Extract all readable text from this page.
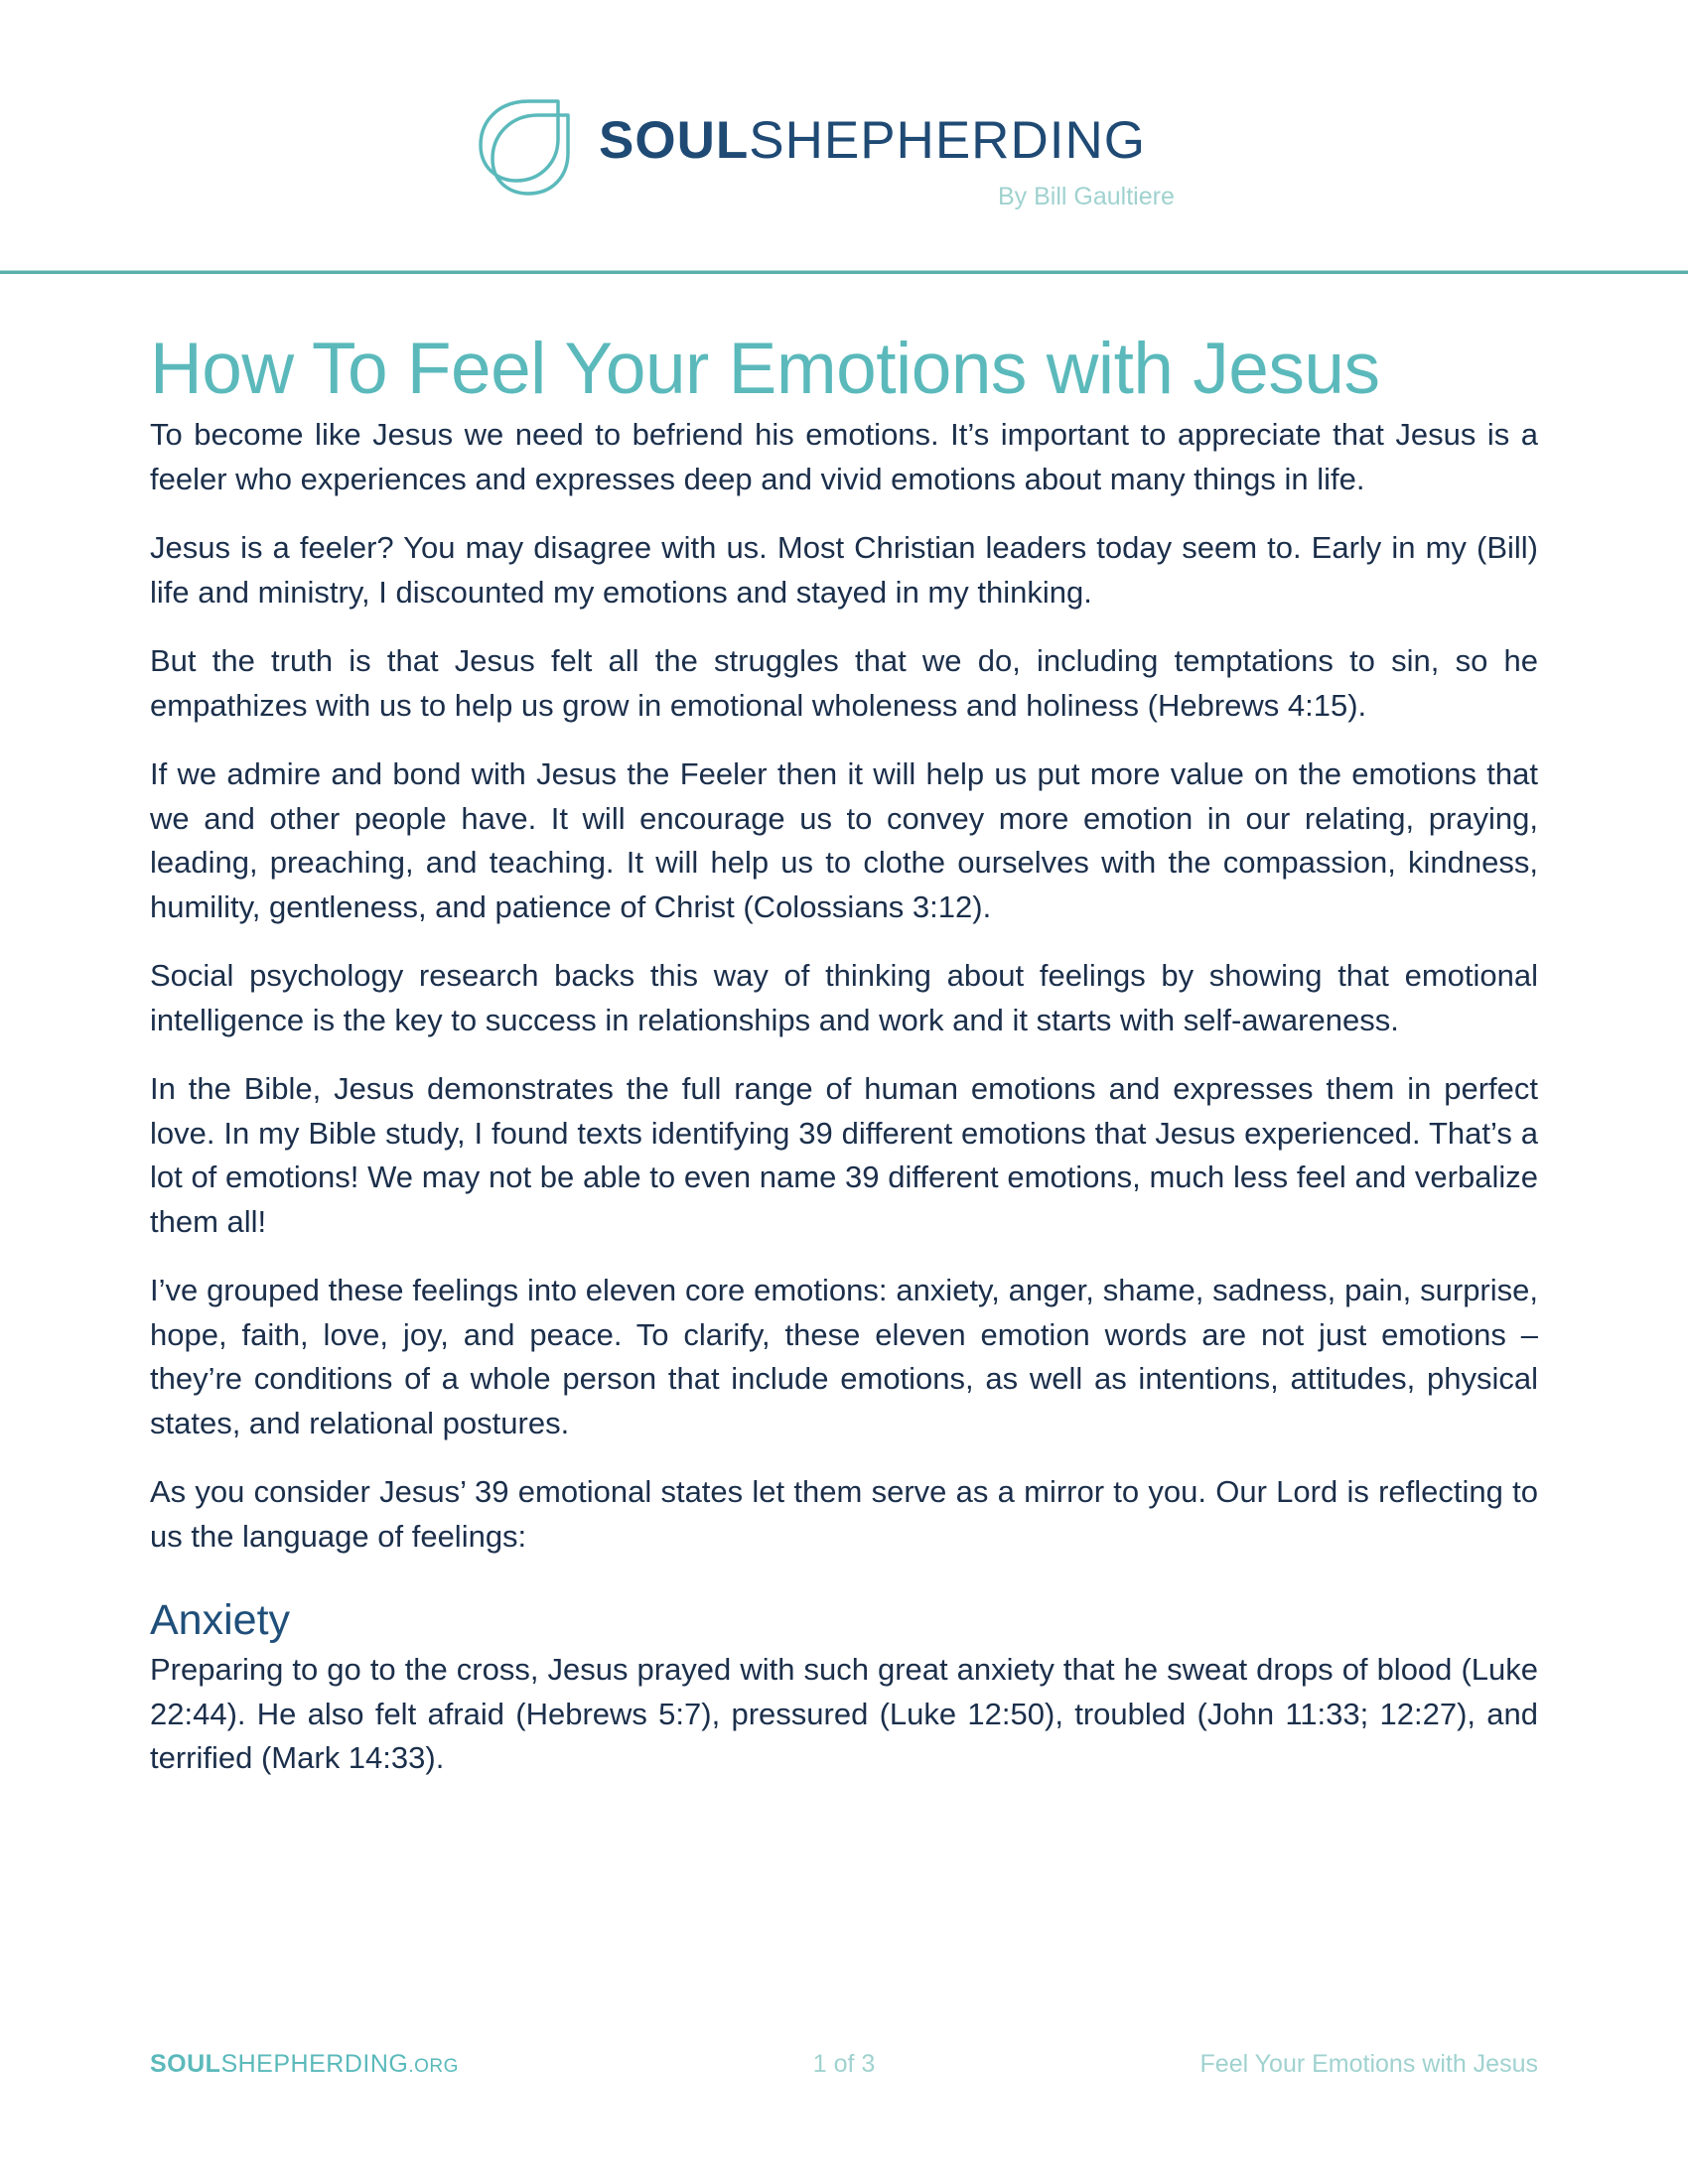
SOULSHEPHERDING
By Bill Gaultiere
How To Feel Your Emotions with Jesus

To become like Jesus we need to befriend his emotions. It’s important to appreciate that Jesus is a feeler who experiences and expresses deep and vivid emotions about many things in life.

Jesus is a feeler? You may disagree with us. Most Christian leaders today seem to. Early in my (Bill) life and ministry, I discounted my emotions and stayed in my thinking.

But the truth is that Jesus felt all the struggles that we do, including temptations to sin, so he empathizes with us to help us grow in emotional wholeness and holiness (Hebrews 4:15).

If we admire and bond with Jesus the Feeler then it will help us put more value on the emotions that we and other people have. It will encourage us to convey more emotion in our relating, praying, leading, preaching, and teaching. It will help us to clothe ourselves with the compassion, kindness, humility, gentleness, and patience of Christ (Colossians 3:12).

Social psychology research backs this way of thinking about feelings by showing that emotional intelligence is the key to success in relationships and work and it starts with self-awareness.

In the Bible, Jesus demonstrates the full range of human emotions and expresses them in perfect love. In my Bible study, I found texts identifying 39 different emotions that Jesus experienced. That’s a lot of emotions! We may not be able to even name 39 different emotions, much less feel and verbalize them all!

I’ve grouped these feelings into eleven core emotions: anxiety, anger, shame, sadness, pain, surprise, hope, faith, love, joy, and peace. To clarify, these eleven emotion words are not just emotions – they’re conditions of a whole person that include emotions, as well as intentions, attitudes, physical states, and relational postures.

As you consider Jesus’ 39 emotional states let them serve as a mirror to you. Our Lord is reflecting to us the language of feelings:

Anxiety

Preparing to go to the cross, Jesus prayed with such great anxiety that he sweat drops of blood (Luke 22:44). He also felt afraid (Hebrews 5:7), pressured (Luke 12:50), troubled (John 11:33; 12:27), and terrified (Mark 14:33).

SOULSHEPHERDING.ORG	1 of 3	Feel Your Emotions with Jesus
